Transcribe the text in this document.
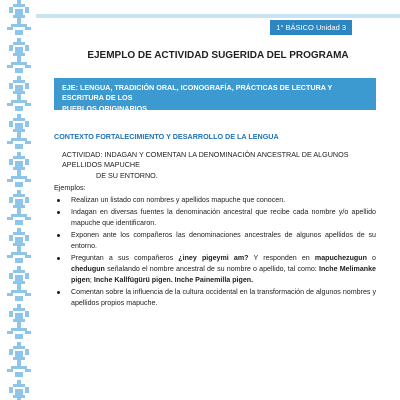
1° BÁSICO Unidad 3
EJEMPLO DE ACTIVIDAD SUGERIDA DEL PROGRAMA
EJE: LENGUA, TRADICIÓN ORAL, ICONOGRAFÍA, PRÁCTICAS DE LECTURA Y ESCRITURA DE LOS
PUEBLOS ORIGINARIOS
CONTEXTO FORTALECIMIENTO Y DESARROLLO DE LA LENGUA
ACTIVIDAD: INDAGAN Y COMENTAN LA DENOMINACIÓN ANCESTRAL DE ALGUNOS APELLIDOS MAPUCHE
DE SU ENTORNO.
Ejemplos:
Realizan un listado con nombres y apellidos mapuche que conocen.
Indagan en diversas fuentes la denominación ancestral que recibe cada nombre y/o apellido mapuche que identificaron.
Exponen ante los compañeros las denominaciones ancestrales de algunos apellidos de su entorno.
Preguntan a sus compañeros ¿iney pigeymi am? Y responden en mapuchezugun o chedugun señalando el nombre ancestral de su nombre o apellido, tal como: Inche Melimanke pigen; Inche Kallfügürü pigen. Inche Painemilla pigen.
Comentan sobre la influencia de la cultura occidental en la transformación de algunos nombres y apellidos propios mapuche.
